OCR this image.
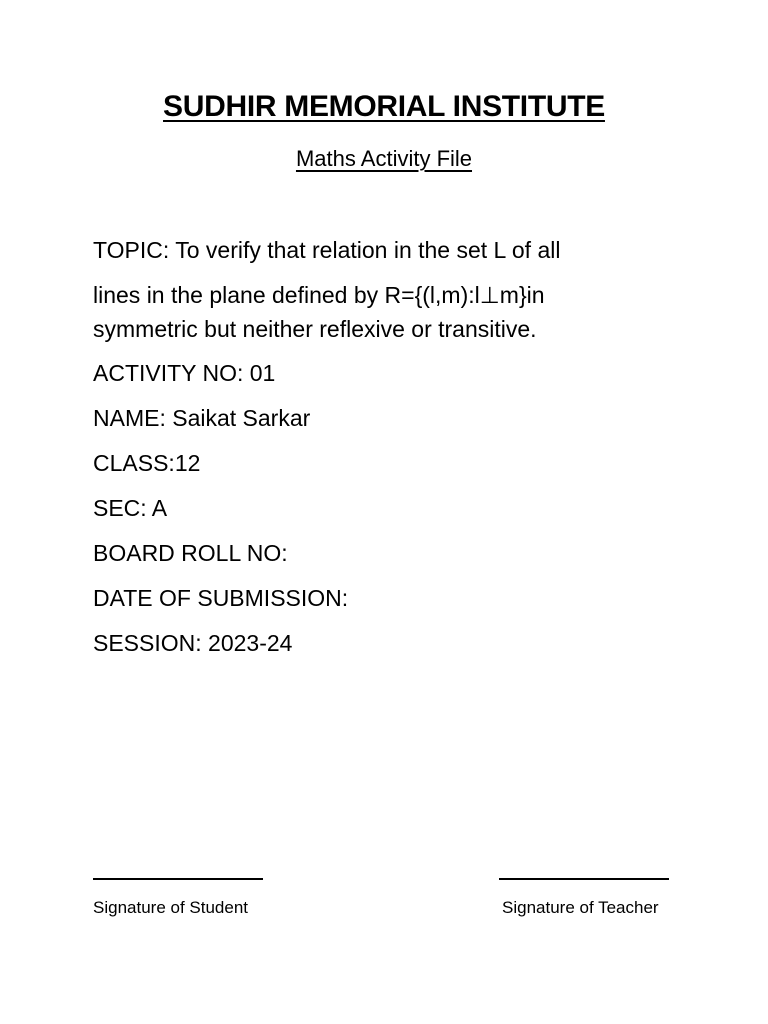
SUDHIR MEMORIAL INSTITUTE
Maths Activity File
TOPIC: To verify that relation in the set L of all
lines in the plane defined by R={(l,m):l⊥m}in
symmetric but neither reflexive or transitive.
ACTIVITY NO: 01
NAME: Saikat Sarkar
CLASS:12
SEC: A
BOARD ROLL NO:
DATE OF SUBMISSION:
SESSION: 2023-24
Signature of Student	Signature of Teacher
